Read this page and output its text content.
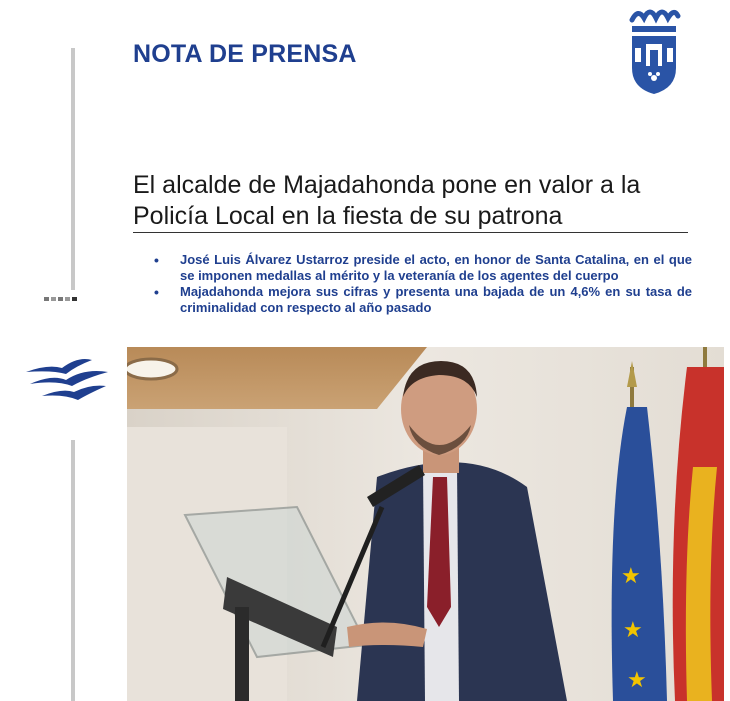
NOTA DE PRENSA
El alcalde de Majadahonda pone en valor a la Policía Local en la fiesta de su patrona
• José Luis Álvarez Ustarroz preside el acto, en honor de Santa Catalina, en el que se imponen medallas al mérito y la veteranía de los agentes del cuerpo
• Majadahonda mejora sus cifras y presenta una bajada de un 4,6% en su tasa de criminalidad con respecto al año pasado
★
★
★
